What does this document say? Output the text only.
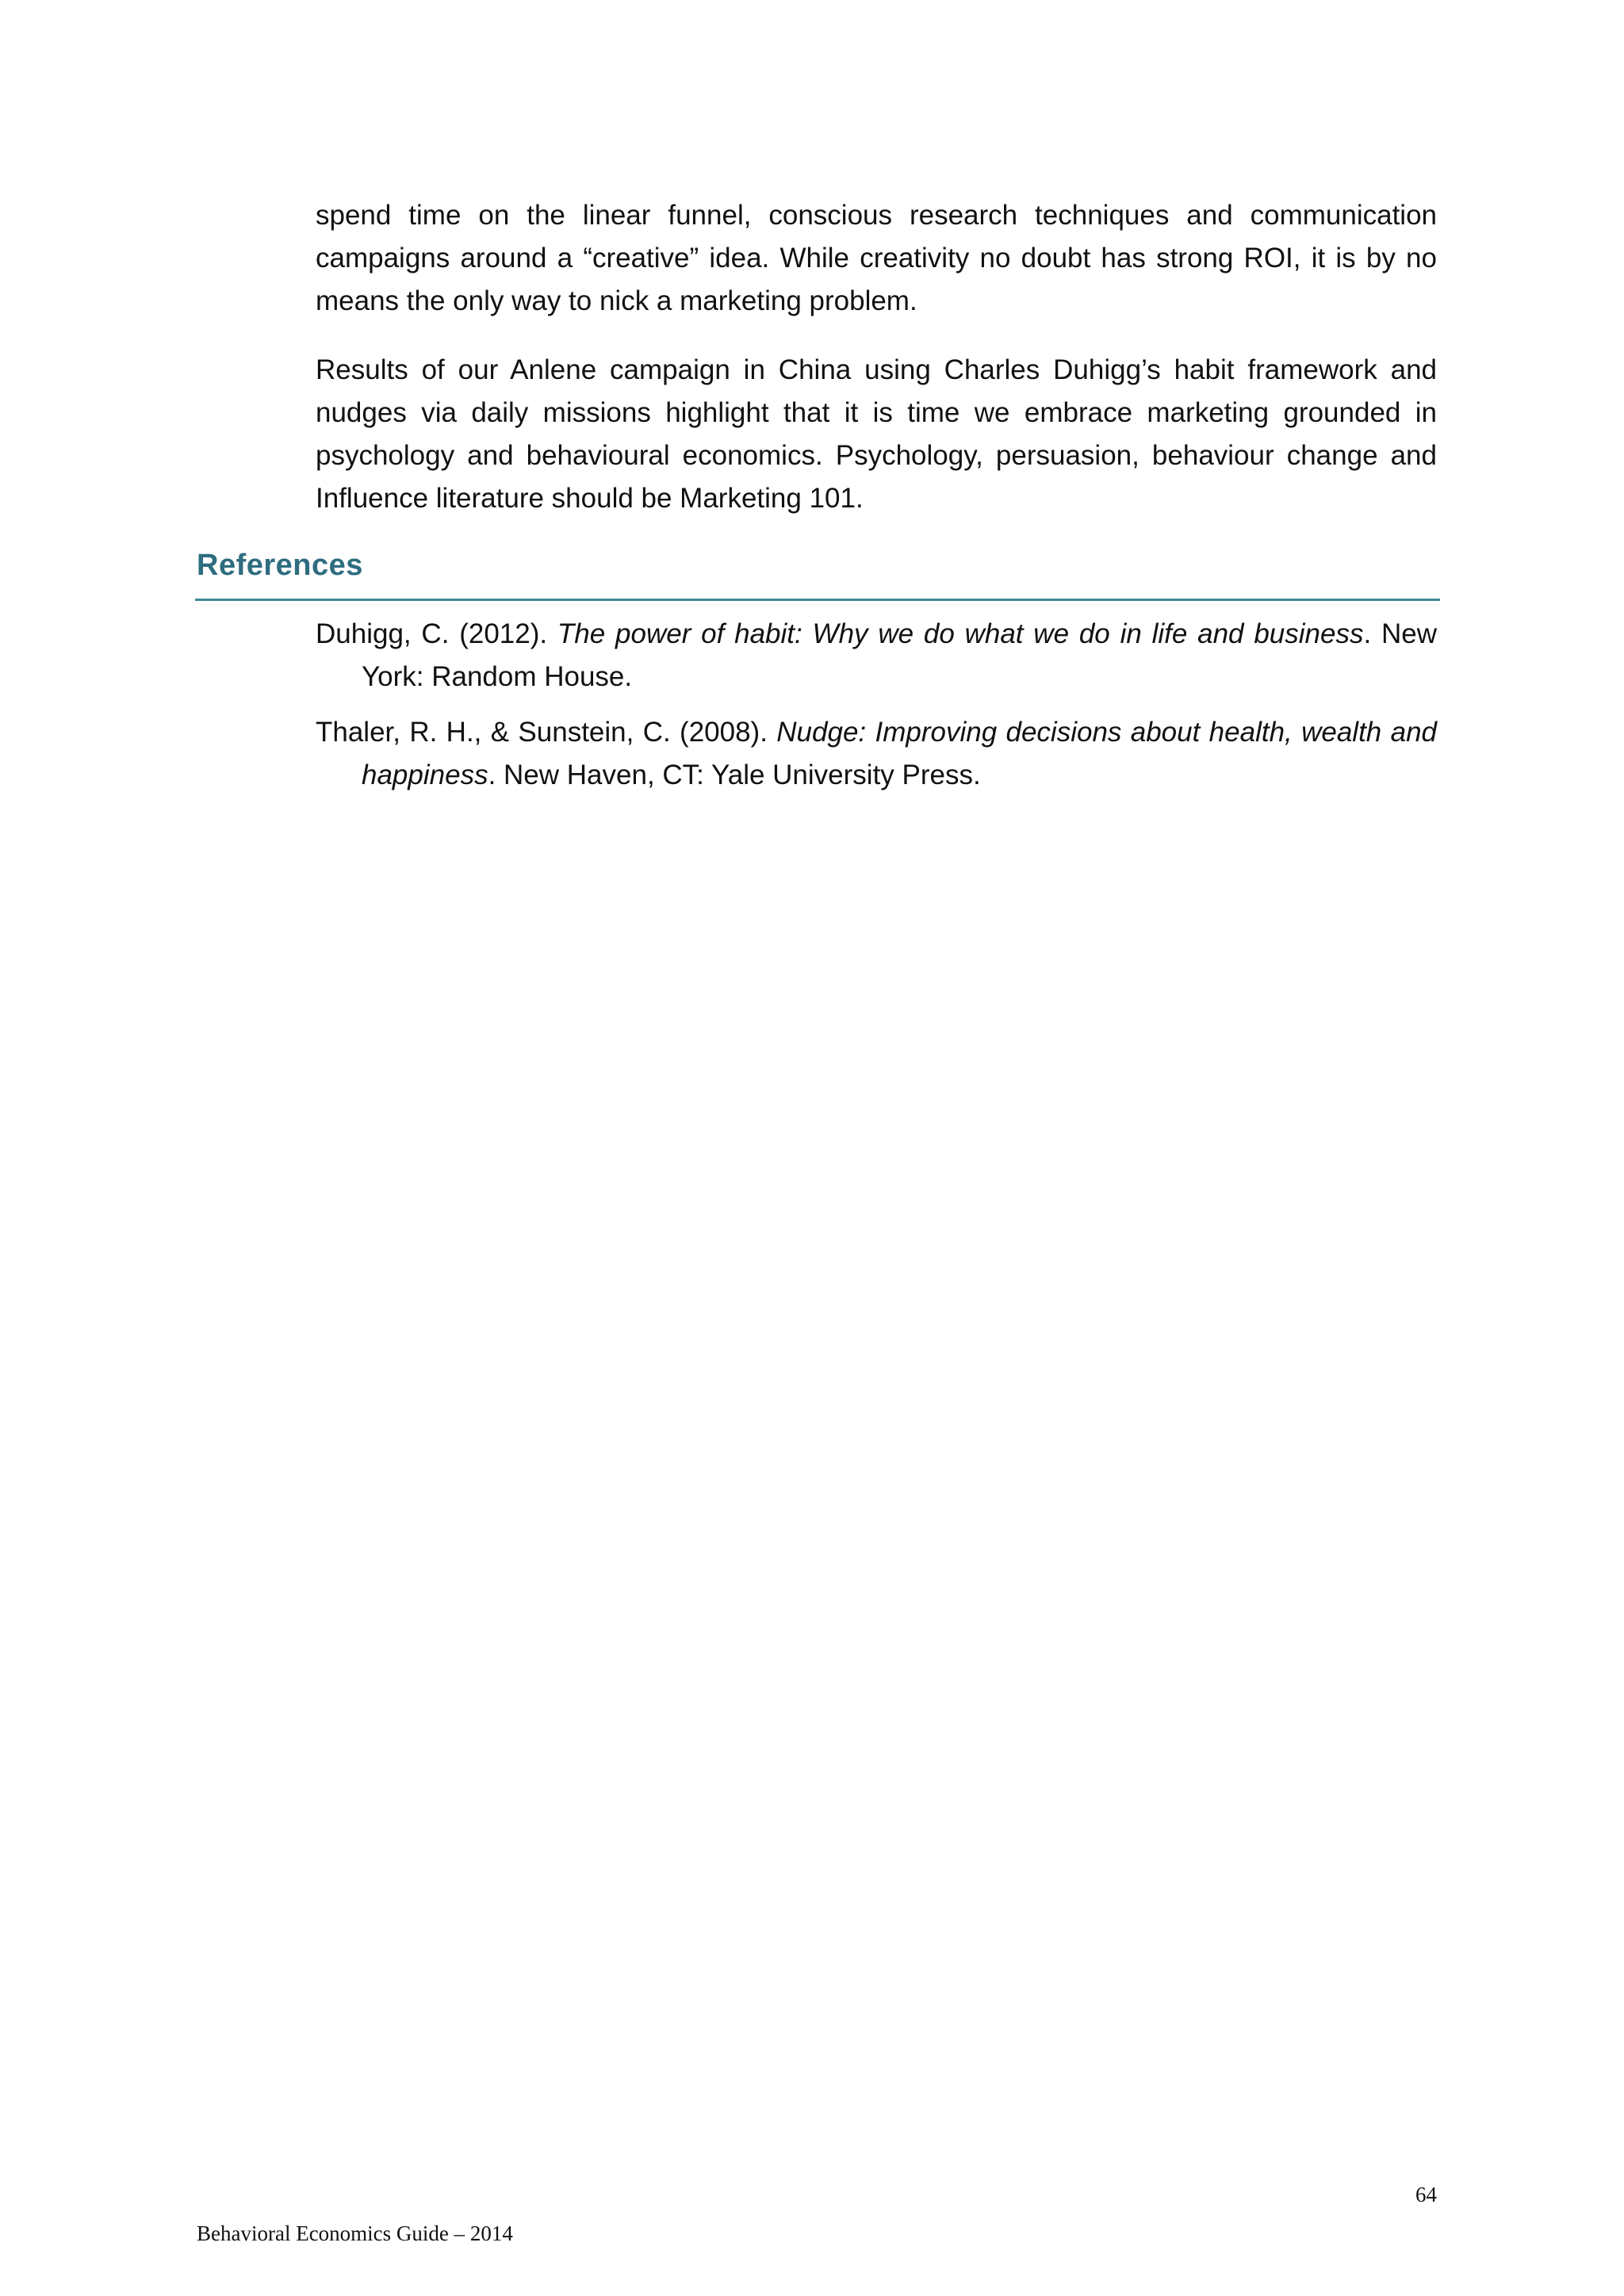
spend time on the linear funnel, conscious research techniques and communication campaigns around a “creative” idea. While creativity no doubt has strong ROI, it is by no means the only way to nick a marketing problem.

Results of our Anlene campaign in China using Charles Duhigg’s habit framework and nudges via daily missions highlight that it is time we embrace marketing grounded in psychology and behavioural economics. Psychology, persuasion, behaviour change and Influence literature should be Marketing 101.

References

Duhigg, C. (2012). The power of habit: Why we do what we do in life and business. New York: Random House.

Thaler, R. H., & Sunstein, C. (2008). Nudge: Improving decisions about health, wealth and happiness. New Haven, CT: Yale University Press.

64

Behavioral Economics Guide – 2014
